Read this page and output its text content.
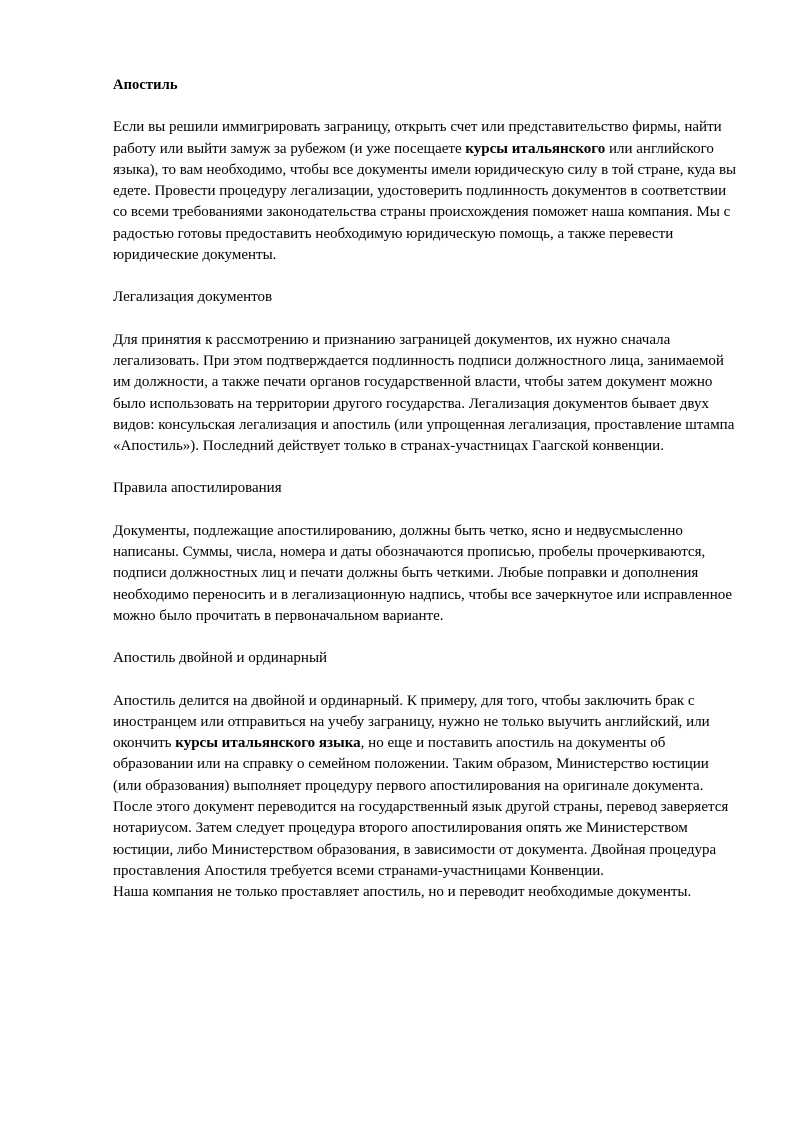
Апостиль

Если вы решили иммигрировать заграницу, открыть счет или представительство фирмы, найти работу или выйти замуж за рубежом (и уже посещаете курсы итальянского или английского языка), то вам необходимо, чтобы все документы имели юридическую силу в той стране, куда вы едете. Провести процедуру легализации, удостоверить подлинность документов в соответствии со всеми требованиями законодательства страны происхождения поможет наша компания. Мы с радостью готовы предоставить необходимую юридическую помощь, а также перевести юридические документы.

Легализация документов

Для принятия к рассмотрению и признанию заграницей документов, их нужно сначала легализовать. При этом подтверждается подлинность подписи должностного лица, занимаемой им должности, а также печати органов государственной власти, чтобы затем документ можно было использовать на территории другого государства. Легализация документов бывает двух видов: консульская легализация и апостиль (или упрощенная легализация, проставление штампа «Апостиль»). Последний действует только в странах-участницах Гаагской конвенции.

Правила апостилирования

Документы, подлежащие апостилированию, должны быть четко, ясно и недвусмысленно написаны. Суммы, числа, номера и даты обозначаются прописью, пробелы прочеркиваются, подписи должностных лиц и печати должны быть четкими. Любые поправки и дополнения необходимо переносить и в легализационную надпись, чтобы все зачеркнутое или исправленное можно было прочитать в первоначальном варианте.

Апостиль двойной и ординарный

Апостиль делится на двойной и ординарный. К примеру, для того, чтобы заключить брак с иностранцем или отправиться на учебу заграницу, нужно не только выучить английский, или окончить курсы итальянского языка, но еще и поставить апостиль на документы об образовании или на справку о семейном положении. Таким образом, Министерство юстиции (или образования) выполняет процедуру первого апостилирования на оригинале документа. После этого документ переводится на государственный язык другой страны, перевод заверяется нотариусом. Затем следует процедура второго апостилирования опять же Министерством юстиции, либо Министерством образования, в зависимости от документа. Двойная процедура проставления Апостиля требуется всеми странами-участницами Конвенции.

Наша компания не только проставляет апостиль, но и переводит необходимые документы.
